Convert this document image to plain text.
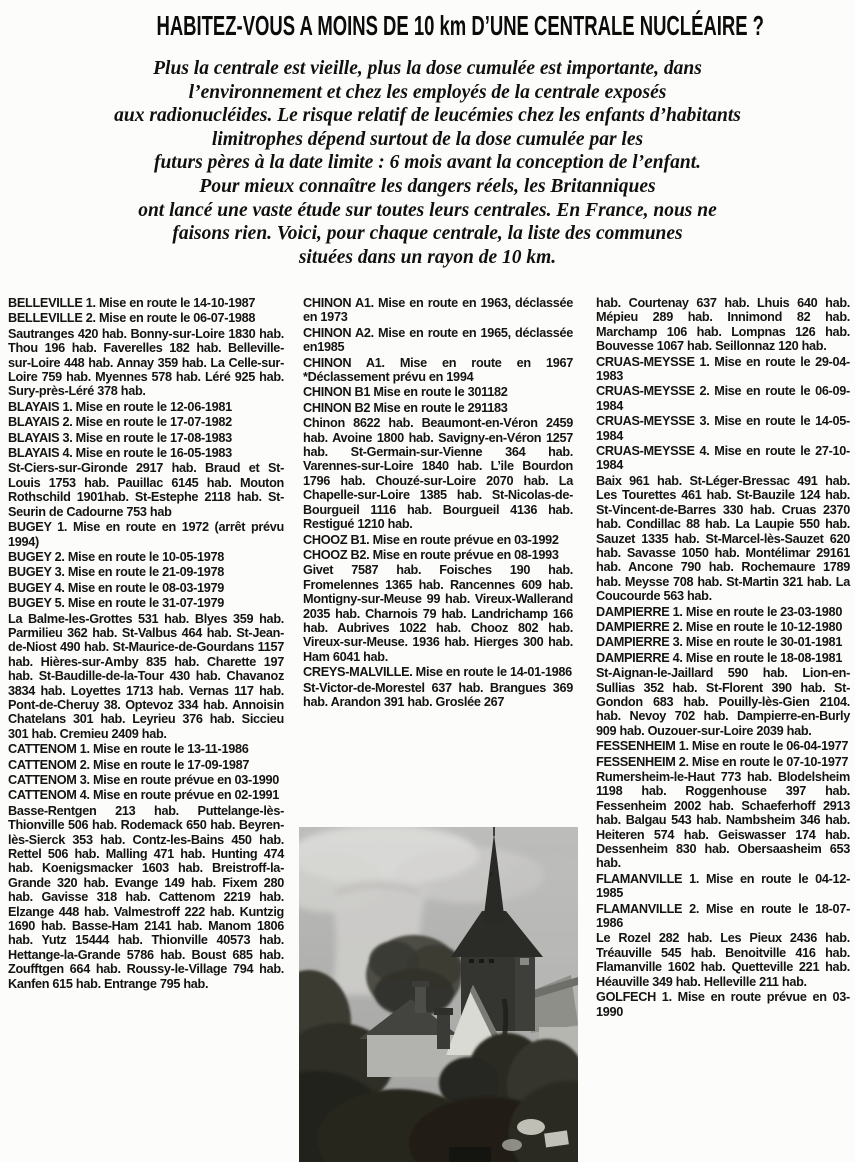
HABITEZ-VOUS A MOINS DE 10 km D’UNE CENTRALE NUCLÉAIRE ?

Plus la centrale est vieille, plus la dose cumulée est importante, dans

l’environnement et chez les employés de la centrale exposés

aux radionucléides. Le risque relatif de leucémies chez les enfants d’habitants

limitrophes dépend surtout de la dose cumulée par les

futurs pères à la date limite : 6 mois avant la conception de l’enfant.

Pour mieux connaître les dangers réels, les Britanniques

ont lancé une vaste étude sur toutes leurs centrales. En France, nous ne

faisons rien. Voici, pour chaque centrale, la liste des communes

situées dans un rayon de 10 km.

BELLEVILLE 1. Mise en route le 14-10-1987

BELLEVILLE 2. Mise en route le 06-07-1988

Sautranges 420 hab. Bonny-sur-Loire 1830 hab. Thou 196 hab. Faverelles 182 hab. Belleville-sur-Loire 448 hab. Annay 359 hab. La Celle-sur-Loire 759 hab. Myennes 578 hab. Léré 925 hab. Sury-près-Léré 378 hab.

BLAYAIS 1. Mise en route le 12-06-1981

BLAYAIS 2. Mise en route le 17-07-1982

BLAYAIS 3. Mise en route le 17-08-1983

BLAYAIS 4. Mise en route le 16-05-1983

St-Ciers-sur-Gironde 2917 hab. Braud et St-Louis 1753 hab. Pauillac 6145 hab. Mouton Rothschild 1901hab. St-Estephe 2118 hab. St-Seurin de Cadourne 753 hab

BUGEY 1. Mise en route en 1972 (arrêt prévu 1994)

BUGEY 2. Mise en route le 10-05-1978

BUGEY 3. Mise en route le 21-09-1978

BUGEY 4. Mise en route le 08-03-1979

BUGEY 5. Mise en route le 31-07-1979

La Balme-les-Grottes 531 hab. Blyes 359 hab. Parmilieu 362 hab. St-Valbus 464 hab. St-Jean-de-Niost 490 hab. St-Maurice-de-Gourdans 1157 hab. Hières-sur-Amby 835 hab. Charette 197 hab. St-Baudille-de-la-Tour 430 hab. Chavanoz 3834 hab. Loyettes 1713 hab. Vernas 117 hab. Pont-de-Cheruy 38. Optevoz 334 hab. Annoisin Chatelans 301 hab. Leyrieu 376 hab. Siccieu 301 hab. Cremieu 2409 hab.

CATTENOM 1. Mise en route le 13-11-1986

CATTENOM 2. Mise en route le 17-09-1987

CATTENOM 3. Mise en route prévue en 03-1990

CATTENOM 4. Mise en route prévue en 02-1991

Basse-Rentgen 213 hab. Puttelange-lès-Thionville 506 hab. Rodemack 650 hab. Beyren-lès-Sierck 353 hab. Contz-les-Bains 450 hab. Rettel 506 hab. Malling 471 hab. Hunting 474 hab. Koenigsmacker 1603 hab. Breistroff-la-Grande 320 hab. Evange 149 hab. Fixem 280 hab. Gavisse 318 hab. Cattenom 2219 hab. Elzange 448 hab. Valmestroff 222 hab. Kuntzig 1690 hab. Basse-Ham 2141 hab. Manom 1806 hab. Yutz 15444 hab. Thionville 40573 hab. Hettange-la-Grande 5786 hab. Boust 685 hab. Zoufftgen 664 hab. Roussy-le-Village 794 hab. Kanfen 615 hab. Entrange 795 hab.

CHINON A1. Mise en route en 1963, déclassée en 1973

CHINON A2. Mise en route en 1965, déclassée en1985

CHINON A1. Mise en route en 1967 *Déclassement prévu en 1994

CHINON B1 Mise en route le 301182

CHINON B2 Mise en route le 291183

Chinon 8622 hab. Beaumont-en-Véron 2459 hab. Avoine 1800 hab. Savigny-en-Véron 1257 hab. St-Germain-sur-Vienne 364 hab. Varennes-sur-Loire 1840 hab. L’ile Bourdon 1796 hab. Chouzé-sur-Loire 2070 hab. La Chapelle-sur-Loire 1385 hab. St-Nicolas-de-Bourgueil 1116 hab. Bourgueil 4136 hab. Restigué 1210 hab.

CHOOZ B1. Mise en route prévue en 03-1992

CHOOZ B2. Mise en route prévue en 08-1993

Givet 7587 hab. Foisches 190 hab. Fromelennes 1365 hab. Rancennes 609 hab. Montigny-sur-Meuse 99 hab. Vireux-Wallerand 2035 hab. Charnois 79 hab. Landrichamp 166 hab. Aubrives 1022 hab. Chooz 802 hab. Vireux-sur-Meuse. 1936 hab. Hierges 300 hab. Ham 6041 hab.

CREYS-MALVILLE. Mise en route le 14-01-1986

St-Victor-de-Morestel 637 hab. Brangues 369 hab. Arandon 391 hab. Groslée 267

hab. Courtenay 637 hab. Lhuis 640 hab. Mépieu 289 hab. Innimond 82 hab. Marchamp 106 hab. Lompnas 126 hab. Bouvesse 1067 hab. Seillonnaz 120 hab.

CRUAS-MEYSSE 1. Mise en route le 29-04-1983

CRUAS-MEYSSE 2. Mise en route le 06-09-1984

CRUAS-MEYSSE 3. Mise en route le 14-05-1984

CRUAS-MEYSSE 4. Mise en route le 27-10-1984

Baix 961 hab. St-Léger-Bressac 491 hab. Les Tourettes 461 hab. St-Bauzile 124 hab. St-Vincent-de-Barres 330 hab. Cruas 2370 hab. Condillac 88 hab. La Laupie 550 hab. Sauzet 1335 hab. St-Marcel-lès-Sauzet 620 hab. Savasse 1050 hab. Montélimar 29161 hab. Ancone 790 hab. Rochemaure 1789 hab. Meysse 708 hab. St-Martin 321 hab. La Coucourde 563 hab.

DAMPIERRE 1. Mise en route le 23-03-1980

DAMPIERRE 2. Mise en route le 10-12-1980

DAMPIERRE 3. Mise en route le 30-01-1981

DAMPIERRE 4. Mise en route le 18-08-1981

St-Aignan-le-Jaillard 590 hab. Lion-en-Sullias 352 hab. St-Florent 390 hab. St-Gondon 683 hab. Pouilly-lès-Gien 2104. hab. Nevoy 702 hab. Dampierre-en-Burly 909 hab. Ouzouer-sur-Loire 2039 hab.

FESSENHEIM 1. Mise en route le 06-04-1977

FESSENHEIM 2. Mise en route le 07-10-1977

Rumersheim-le-Haut 773 hab. Blodelsheim 1198 hab. Roggenhouse 397 hab. Fessenheim 2002 hab. Schaeferhoff 2913 hab. Balgau 543 hab. Nambsheim 346 hab. Heiteren 574 hab. Geiswasser 174 hab. Dessenheim 830 hab. Obersaasheim 653 hab.

FLAMANVILLE 1. Mise en route le 04-12-1985

FLAMANVILLE 2. Mise en route le 18-07-1986

Le Rozel 282 hab. Les Pieux 2436 hab. Tréauville 545 hab. Benoitville 416 hab. Flamanville 1602 hab. Quetteville 221 hab. Héauville 349 hab. Helleville 211 hab.

GOLFECH 1. Mise en route prévue en 03-1990
